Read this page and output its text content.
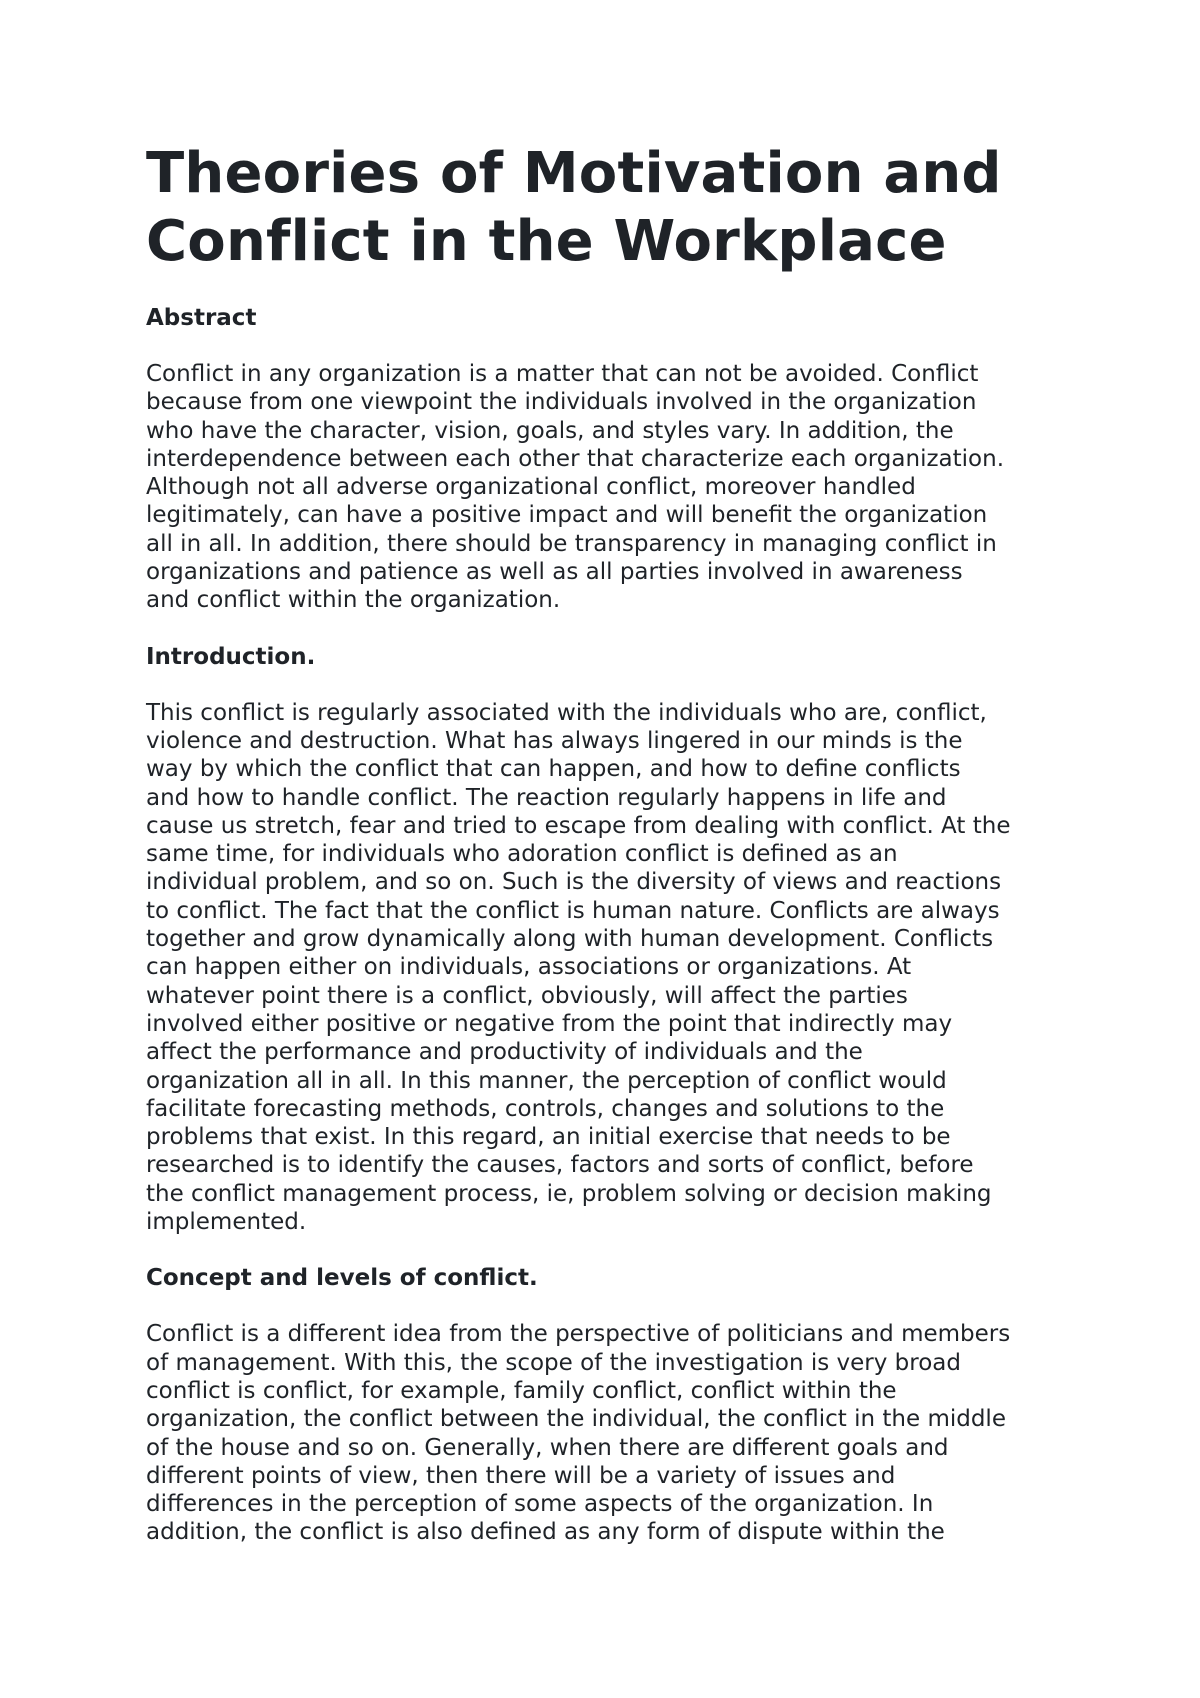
Theories of Motivation and
Conflict in the Workplace
Abstract

Conflict in any organization is a matter that can not be avoided. Conflict
because from one viewpoint the individuals involved in the organization
who have the character, vision, goals, and styles vary. In addition, the
interdependence between each other that characterize each organization.
Although not all adverse organizational conflict, moreover handled
legitimately, can have a positive impact and will benefit the organization
all in all. In addition, there should be transparency in managing conflict in
organizations and patience as well as all parties involved in awareness
and conflict within the organization.

Introduction.

This conflict is regularly associated with the individuals who are, conflict,
violence and destruction. What has always lingered in our minds is the
way by which the conflict that can happen, and how to define conflicts
and how to handle conflict. The reaction regularly happens in life and
cause us stretch, fear and tried to escape from dealing with conflict. At the
same time, for individuals who adoration conflict is defined as an
individual problem, and so on. Such is the diversity of views and reactions
to conflict. The fact that the conflict is human nature. Conflicts are always
together and grow dynamically along with human development. Conflicts
can happen either on individuals, associations or organizations. At
whatever point there is a conflict, obviously, will affect the parties
involved either positive or negative from the point that indirectly may
affect the performance and productivity of individuals and the
organization all in all. In this manner, the perception of conflict would
facilitate forecasting methods, controls, changes and solutions to the
problems that exist. In this regard, an initial exercise that needs to be
researched is to identify the causes, factors and sorts of conflict, before
the conflict management process, ie, problem solving or decision making
implemented.

Concept and levels of conflict.

Conflict is a different idea from the perspective of politicians and members
of management. With this, the scope of the investigation is very broad
conflict is conflict, for example, family conflict, conflict within the
organization, the conflict between the individual, the conflict in the middle
of the house and so on. Generally, when there are different goals and
different points of view, then there will be a variety of issues and
differences in the perception of some aspects of the organization. In
addition, the conflict is also defined as any form of dispute within the
